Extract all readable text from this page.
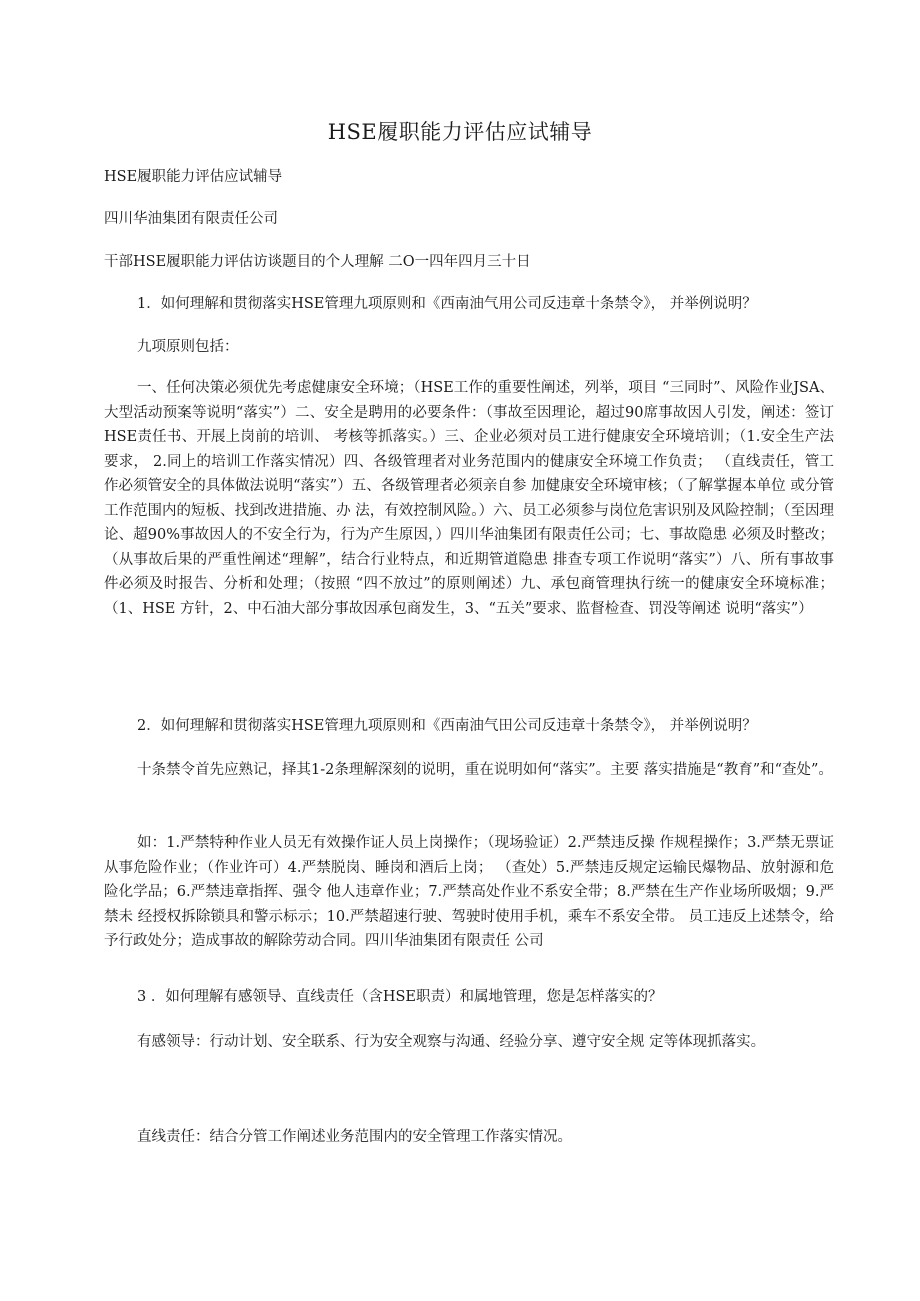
HSE履职能力评估应试辅导

HSE履职能力评估应试辅导

四川华油集团有限责任公司

干部HSE履职能力评估访谈题目的个人理解 二O一四年四月三十日

1．如何理解和贯彻落实HSE管理九项原则和《西南油气用公司反违章十条禁令》， 并举例说明？

九项原则包括：

一、任何决策必须优先考虑健康安全环境；（HSE工作的重要性阐述，列举，项目 “三同时”、风险作业JSA、大型活动预案等说明“落实”）二、安全是聘用的必要条件：（事故至因理论，超过90席事故因人引发，阐述：签订HSE责任书、开展上岗前的培训、 考核等抓落实。）三、企业必须对员工进行健康安全环境培训；（1.安全生产法要求， 2.同上的培训工作落实情况）四、各级管理者对业务范围内的健康安全环境工作负责； （直线责任，管工作必须管安全的具体做法说明“落实”）五、各级管理者必须亲自参 加健康安全环境审核；（了解掌握本单位 或分管工作范围内的短板、找到改进措施、办 法，有效控制风险。）六、员工必须参与岗位危害识别及风险控制；（至因理论、超90%事故因人的不安全行为，行为产生原因，）四川华油集团有限责任公司；七、事故隐患 必须及时整改；（从事故后果的严重性阐述“理解”，结合行业特点，和近期管道隐患 排查专项工作说明“落实”）八、所有事故事件必须及时报告、分析和处理；（按照 “四不放过”的原则阐述）九、承包商管理执行统一的健康安全环境标准；（1、HSE 方针，2、中石油大部分事故因承包商发生，3、“五关”要求、监督检查、罚没等阐述 说明“落实”）

2．如何理解和贯彻落实HSE管理九项原则和《西南油气田公司反违章十条禁令》， 并举例说明？

十条禁令首先应熟记，择其1-2条理解深刻的说明，重在说明如何“落实”。主要 落实措施是“教育”和“查处”。

如：1.严禁特种作业人员无有效操作证人员上岗操作；（现场验证）2.严禁违反操 作规程操作；3.严禁无票证从事危险作业；（作业许可）4.严禁脱岗、睡岗和酒后上岗； （查处）5.严禁违反规定运输民爆物品、放射源和危险化学品；6.严禁违章指挥、强令 他人违章作业；7.严禁高处作业不系安全带；8.严禁在生产作业场所吸烟；9.严禁未 经授权拆除锁具和警示标示；10.严禁超速行驶、驾驶时使用手机，乘车不系安全带。 员工违反上述禁令，给予行政处分；造成事故的解除劳动合同。四川华油集团有限责任 公司

3 ．如何理解有感领导、直线责任（含HSE职责）和属地管理，您是怎样落实的？

有感领导：行动计划、安全联系、行为安全观察与沟通、经验分享、遵守安全规 定等体现抓落实。

直线责任：结合分管工作阐述业务范围内的安全管理工作落实情况。
